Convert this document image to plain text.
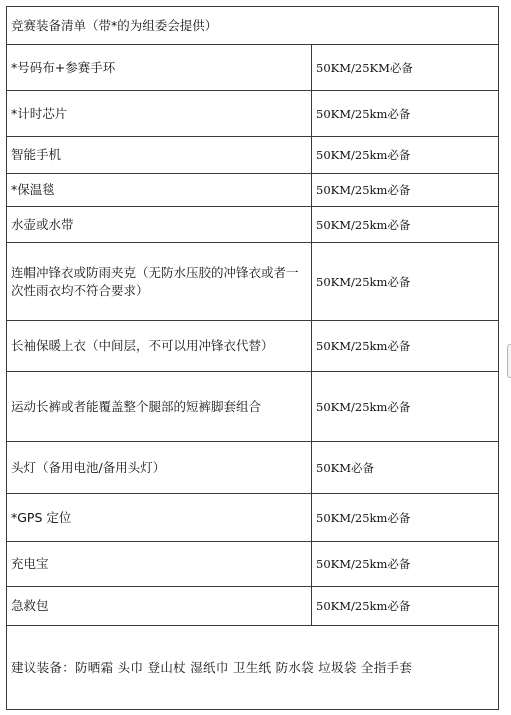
竞赛装备清单（带*的为组委会提供）	
*号码布+参赛手环	50KM/25KM必备
*计时芯片	50KM/25km必备
智能手机	50KM/25km必备
*保温毯	50KM/25km必备
水壶或水带	50KM/25km必备
连帽冲锋衣或防雨夹克（无防水压胶的冲锋衣或者一次性雨衣均不符合要求）	50KM/25km必备
长袖保暖上衣（中间层，不可以用冲锋衣代替）	50KM/25km必备
运动长裤或者能覆盖整个腿部的短裤脚套组合	50KM/25km必备
头灯（备用电池/备用头灯）	50KM必备
*GPS 定位	50KM/25km必备
充电宝	50KM/25km必备
急救包	50KM/25km必备
建议装备：防晒霜 头巾 登山杖 湿纸巾 卫生纸 防水袋 垃圾袋 全指手套	
